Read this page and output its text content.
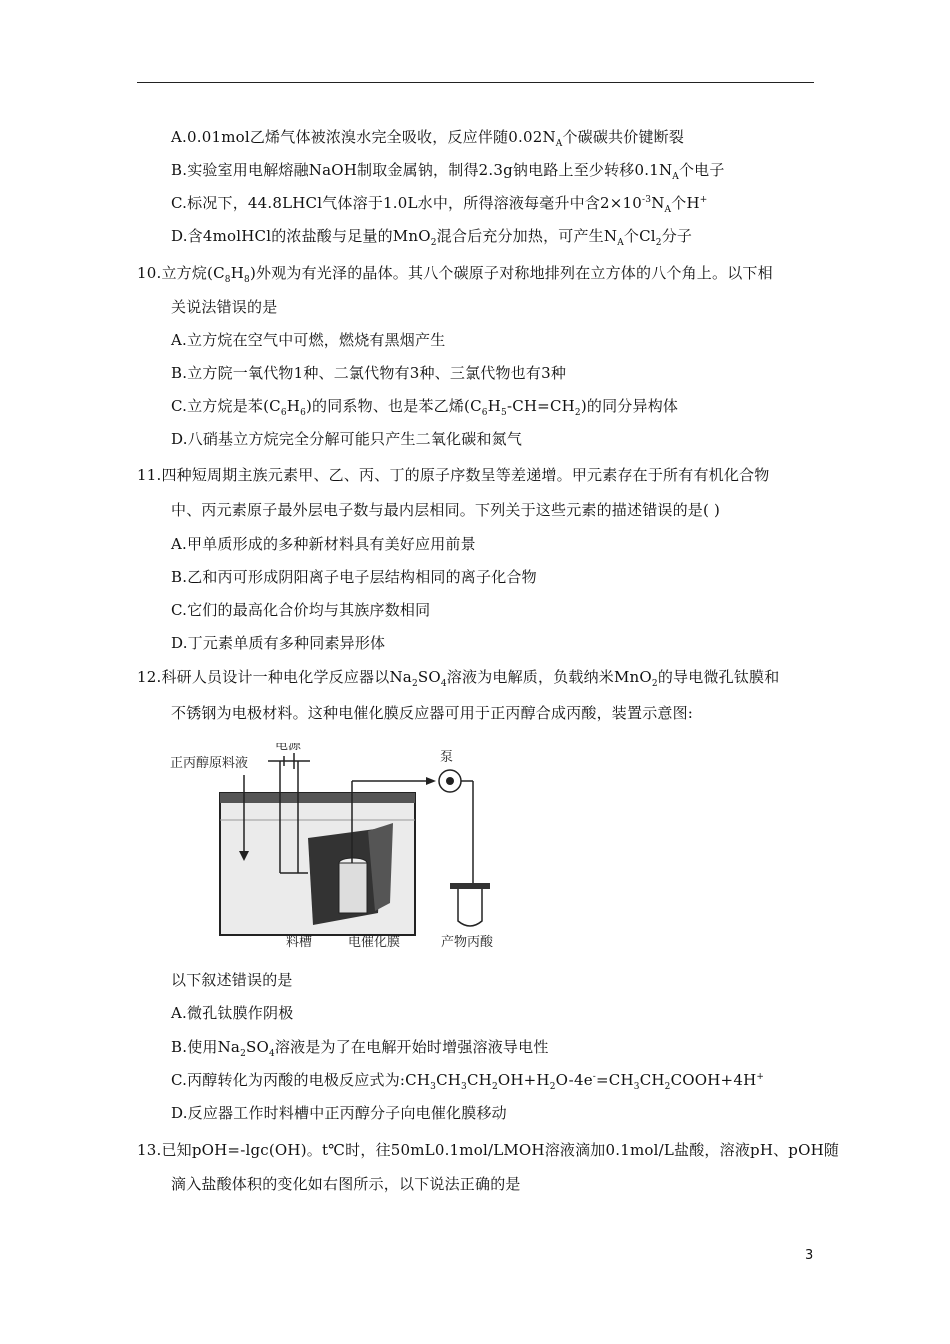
A.0.01mol乙烯气体被浓溴水完全吸收，反应伴随$0.02N_A$个碳碳共价键断裂
B.实验室用电解熔融NaOH制取金属钠，制得2.3g钠电路上至少转移$0.1N_A$个电子
C.标况下，44.8LHCl气体溶于1.0L水中，所得溶液每毫升中含$2\times 10^{-3}N_A$个H+
D.含4molHCl的浓盐酸与足量的MnO$_2$混合后充分加热，可产生$N_A$个$Cl_2$分子
10.立方烷$(C_8H_8)$外观为有光泽的晶体。其八个碳原子对称地排列在立方体的八个角上。以下相
关说法错误的是
A.立方烷在空气中可燃，燃烧有黑烟产生
B.立方院一氧代物1种、二氯代物有3种、三氯代物也有3种
C.立方烷是苯$(C_6H_6)$的同系物、也是苯乙烯$(C_6H_5-CH=CH_2)$的同分异构体
D.八硝基立方烷完全分解可能只产生二氧化碳和氮气
11.四种短周期主族元素甲、乙、丙、丁的原子序数呈等差递增。甲元素存在于所有有机化合物
中、丙元素原子最外层电子数与最内层相同。下列关于这些元素的描述错误的是( )
A.甲单质形成的多种新材料具有美好应用前景
B.乙和丙可形成阴阳离子电子层结构相同的离子化合物
C.它们的最高化合价均与其族序数相同
D.丁元素单质有多种同素异形体
12.科研人员设计一种电化学反应器以$Na_2SO_4$溶液为电解质，负载纳米MnO$_2$的导电微孔钛膜和
不锈钢为电极材料。这种电催化膜反应器可用于正丙醇合成丙酸，装置示意图:
正丙醇原料液
电源
泵
料槽	电催化膜	产物丙酸
以下叙述错误的是
A.微孔钛膜作阴极
B.使用$Na_2SO_4$溶液是为了在电解开始时增强溶液导电性
C.丙醇转化为丙酸的电极反应式为$:CH_3CH_3CH_2OH+H_2O-4e^-=CH_3CH_2COOH+4H^+$
D.反应器工作时料槽中正丙醇分子向电催化膜移动
13.已知pOH=-lgc(OH)。t℃时，往50mL0.1mol/LMOH溶液滴加0.1mol/L盐酸，溶液pH、pOH随
滴入盐酸体积的变化如右图所示，以下说法正确的是
3
